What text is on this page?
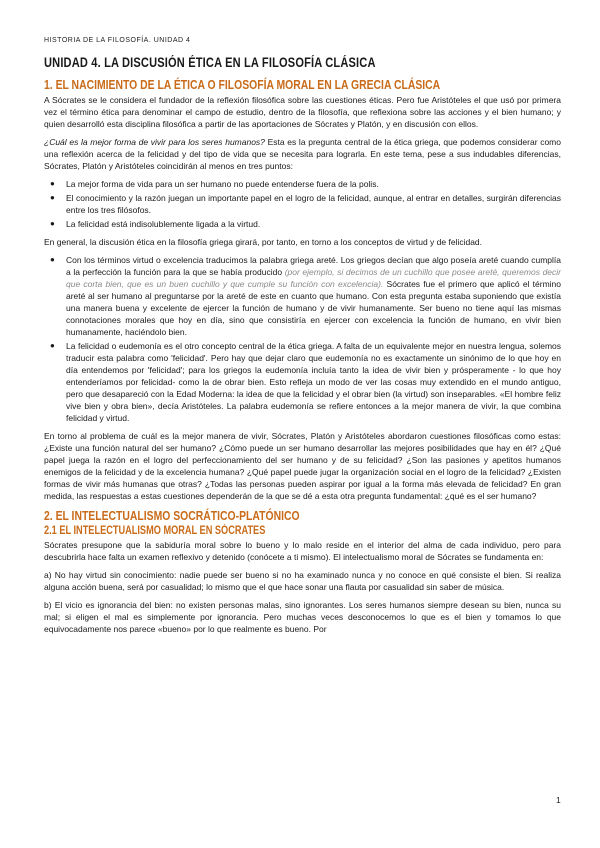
HISTORIA DE LA FILOSOFÍA. UNIDAD 4
UNIDAD 4. LA DISCUSIÓN ÉTICA EN LA FILOSOFÍA CLÁSICA
1. EL NACIMIENTO DE LA ÉTICA O FILOSOFÍA MORAL EN LA GRECIA CLÁSICA

A Sócrates se le considera el fundador de la reflexión filosófica sobre las cuestiones éticas. Pero fue Aristóteles el que usó por primera vez el término ética para denominar el campo de estudio, dentro de la filosofía, que reflexiona sobre las acciones y el bien humano; y quien desarrolló esta disciplina filosófica a partir de las aportaciones de Sócrates y Platón, y en discusión con ellos.

¿Cuál es la mejor forma de vivir para los seres humanos? Esta es la pregunta central de la ética griega, que podemos considerar como una reflexión acerca de la felicidad y del tipo de vida que se necesita para lograrla. En este tema, pese a sus indudables diferencias, Sócrates, Platón y Aristóteles coincidirán al menos en tres puntos:

● La mejor forma de vida para un ser humano no puede entenderse fuera de la polis.
● El conocimiento y la razón juegan un importante papel en el logro de la felicidad, aunque, al entrar en detalles, surgirán diferencias entre los tres filósofos.
● La felicidad está indisolublemente ligada a la virtud.

En general, la discusión ética en la filosofía griega girará, por tanto, en torno a los conceptos de virtud y de felicidad.

● Con los términos virtud o excelencia traducimos la palabra griega areté. Los griegos decían que algo poseía areté cuando cumplía a la perfección la función para la que se había producido (por ejemplo, si decimos de un cuchillo que posee areté, queremos decir que corta bien, que es un buen cuchillo y que cumple su función con excelencia). Sócrates fue el primero que aplicó el término areté al ser humano al preguntarse por la areté de este en cuanto que humano. Con esta pregunta estaba suponiendo que existía una manera buena y excelente de ejercer la función de humano y de vivir humanamente. Ser bueno no tiene aquí las mismas connotaciones morales que hoy en día, sino que consistiría en ejercer con excelencia la función de humano, en vivir bien humanamente, haciéndolo bien.
● La felicidad o eudemonía es el otro concepto central de la ética griega. A falta de un equivalente mejor en nuestra lengua, solemos traducir esta palabra como 'felicidad'. Pero hay que dejar claro que eudemonía no es exactamente un sinónimo de lo que hoy en día entendemos por 'felicidad'; para los griegos la eudemonía incluía tanto la idea de vivir bien y prósperamente - lo que hoy entenderíamos por felicidad- como la de obrar bien. Esto refleja un modo de ver las cosas muy extendido en el mundo antiguo, pero que desapareció con la Edad Moderna: la idea de que la felicidad y el obrar bien (la virtud) son inseparables. «El hombre feliz vive bien y obra bien», decía Aristóteles. La palabra eudemonía se refiere entonces a la mejor manera de vivir, la que combina felicidad y virtud.

En torno al problema de cuál es la mejor manera de vivir, Sócrates, Platón y Aristóteles abordaron cuestiones filosóficas como estas: ¿Existe una función natural del ser humano? ¿Cómo puede un ser humano desarrollar las mejores posibilidades que hay en él? ¿Qué papel juega la razón en el logro del perfeccionamiento del ser humano y de su felicidad? ¿Son las pasiones y apetitos humanos enemigos de la felicidad y de la excelencia humana? ¿Qué papel puede jugar la organización social en el logro de la felicidad? ¿Existen formas de vivir más humanas que otras? ¿Todas las personas pueden aspirar por igual a la forma más elevada de felicidad? En gran medida, las respuestas a estas cuestiones dependerán de la que se dé a esta otra pregunta fundamental: ¿qué es el ser humano?

2. EL INTELECTUALISMO SOCRÁTICO-PLATÓNICO
2.1 EL INTELECTUALISMO MORAL EN SÓCRATES

Sócrates presupone que la sabiduría moral sobre lo bueno y lo malo reside en el interior del alma de cada individuo, pero para descubrirla hace falta un examen reflexivo y detenido (conócete a ti mismo). El intelectualismo moral de Sócrates se fundamenta en:

a) No hay virtud sin conocimiento: nadie puede ser bueno si no ha examinado nunca y no conoce en qué consiste el bien. Si realiza alguna acción buena, será por casualidad; lo mismo que el que hace sonar una flauta por casualidad sin saber de música.

b) El vicio es ignorancia del bien: no existen personas malas, sino ignorantes. Los seres humanos siempre desean su bien, nunca su mal; si eligen el mal es simplemente por ignorancia. Pero muchas veces desconocemos lo que es el bien y tomamos lo que equivocadamente nos parece «bueno» por lo que realmente es bueno. Por

1
